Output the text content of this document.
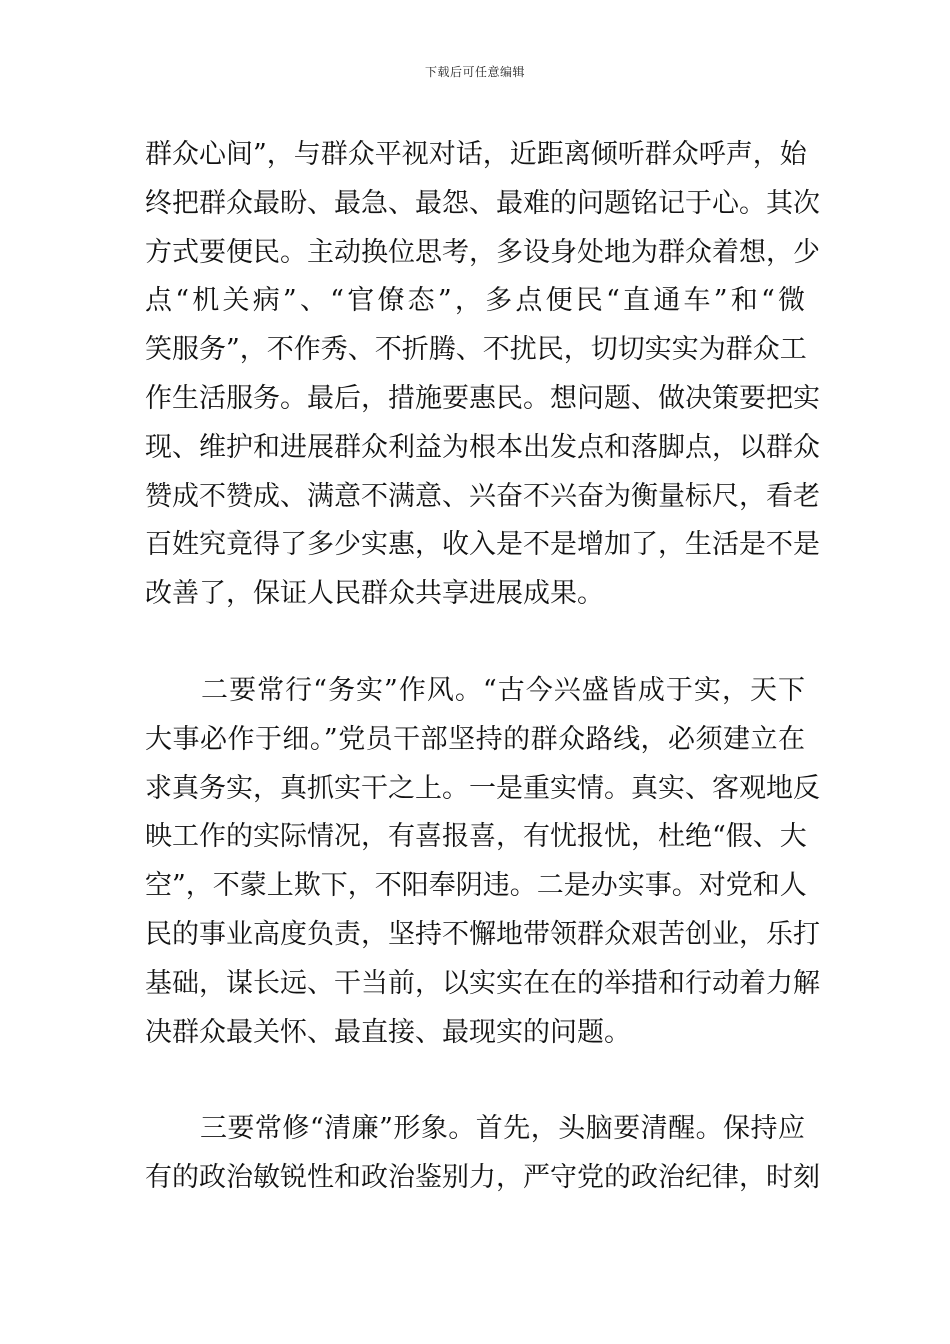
下载后可任意编辑

群众心间”，与群众平视对话，近距离倾听群众呼声，始
终把群众最盼、最急、最怨、最难的问题铭记于心。其次
方式要便民。主动换位思考，多设身处地为群众着想，少
点“机关病”、“官僚态”，多点便民“直通车”和“微
笑服务”，不作秀、不折腾、不扰民，切切实实为群众工
作生活服务。最后，措施要惠民。想问题、做决策要把实
现、维护和进展群众利益为根本出发点和落脚点，以群众
赞成不赞成、满意不满意、兴奋不兴奋为衡量标尺，看老
百姓究竟得了多少实惠，收入是不是增加了，生活是不是
改善了，保证人民群众共享进展成果。

　　二要常行“务实”作风。“古今兴盛皆成于实，天下
大事必作于细。”党员干部坚持的群众路线，必须建立在
求真务实，真抓实干之上。一是重实情。真实、客观地反
映工作的实际情况，有喜报喜，有忧报忧，杜绝“假、大
空”，不蒙上欺下，不阳奉阴违。二是办实事。对党和人
民的事业高度负责，坚持不懈地带领群众艰苦创业，乐打
基础，谋长远、干当前，以实实在在的举措和行动着力解
决群众最关怀、最直接、最现实的问题。

　　三要常修“清廉”形象。首先，头脑要清醒。保持应
有的政治敏锐性和政治鉴别力，严守党的政治纪律，时刻
